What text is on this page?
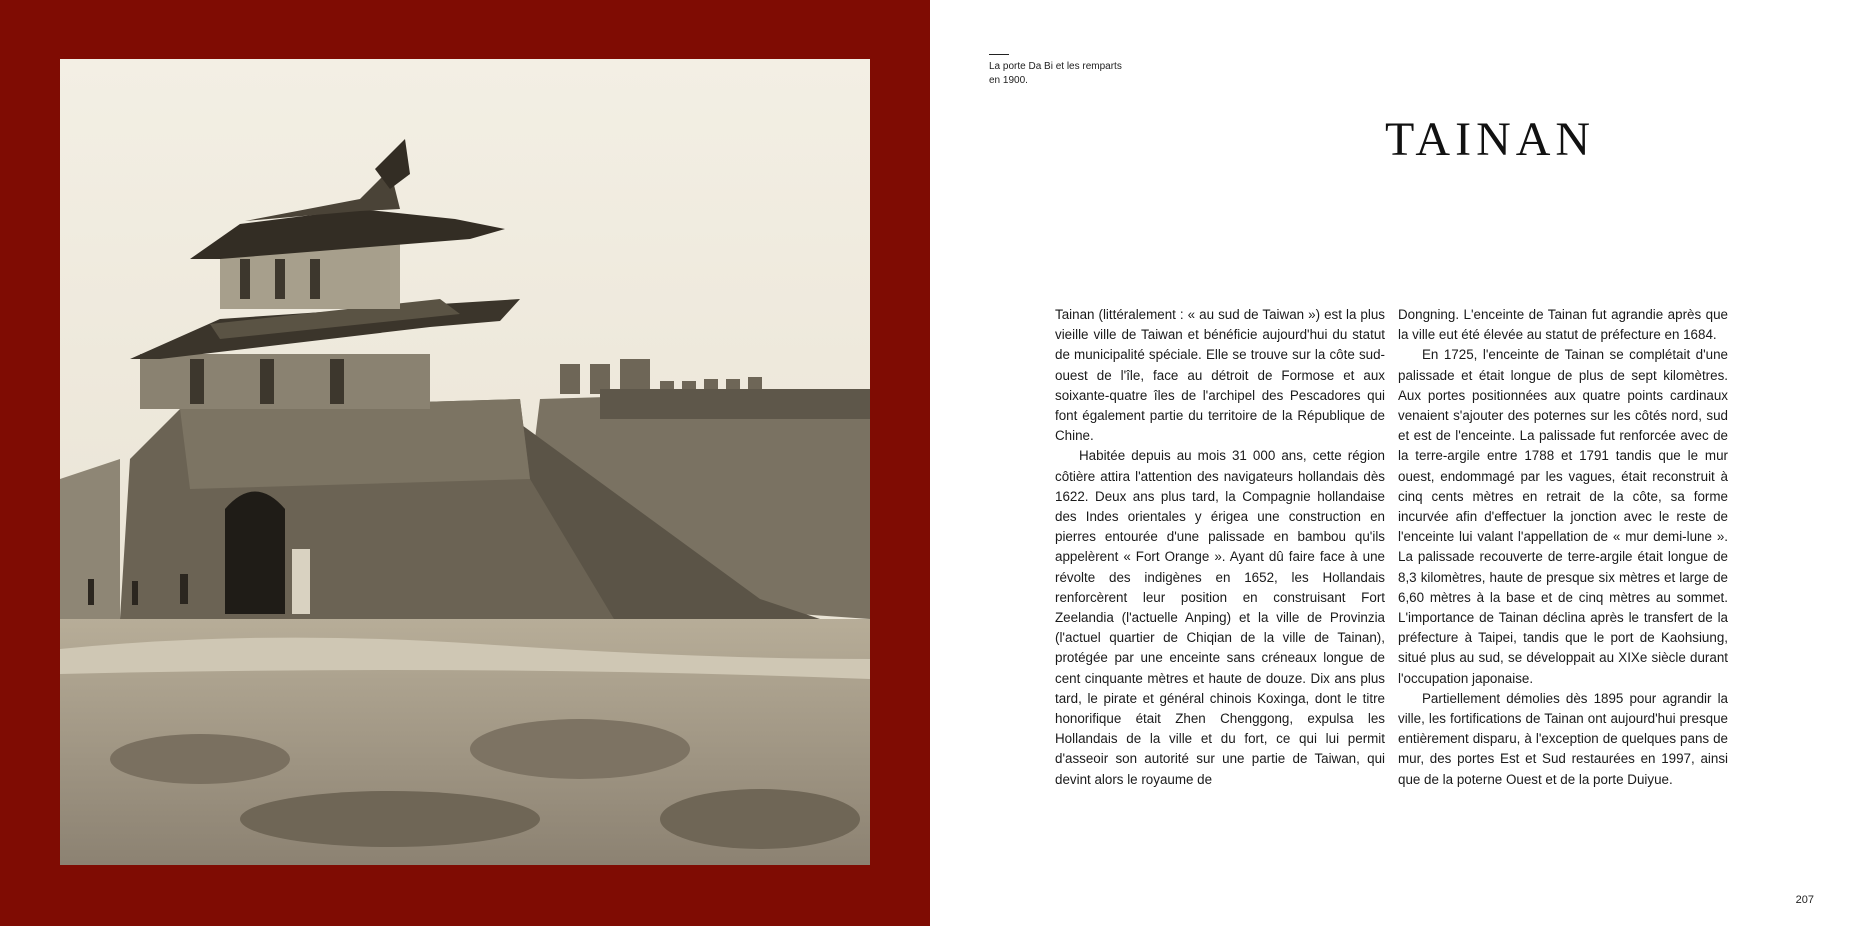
La porte Da Bi et les remparts en 1900.
TAINAN

Tainan (littéralement : « au sud de Taiwan ») est la plus vieille ville de Taiwan et bénéficie aujourd'hui du statut de municipalité spéciale. Elle se trouve sur la côte sud-ouest de l'île, face au détroit de Formose et aux soixante-quatre îles de l'archipel des Pescadores qui font également partie du territoire de la République de Chine.

Habitée depuis au mois 31 000 ans, cette région côtière attira l'attention des navigateurs hollandais dès 1622. Deux ans plus tard, la Compagnie hollandaise des Indes orientales y érigea une construction en pierres entourée d'une palissade en bambou qu'ils appelèrent « Fort Orange ». Ayant dû faire face à une révolte des indigènes en 1652, les Hollandais renforcèrent leur position en construisant Fort Zeelandia (l'actuelle Anping) et la ville de Provinzia (l'actuel quartier de Chiqian de la ville de Tainan), protégée par une enceinte sans créneaux longue de cent cinquante mètres et haute de douze. Dix ans plus tard, le pirate et général chinois Koxinga, dont le titre honorifique était Zhen Chenggong, expulsa les Hollandais de la ville et du fort, ce qui lui permit d'asseoir son autorité sur une partie de Taiwan, qui devint alors le royaume de

Dongning. L'enceinte de Tainan fut agrandie après que la ville eut été élevée au statut de préfecture en 1684.

En 1725, l'enceinte de Tainan se complétait d'une palissade et était longue de plus de sept kilomètres. Aux portes positionnées aux quatre points cardinaux venaient s'ajouter des poternes sur les côtés nord, sud et est de l'enceinte. La palissade fut renforcée avec de la terre-argile entre 1788 et 1791 tandis que le mur ouest, endommagé par les vagues, était reconstruit à cinq cents mètres en retrait de la côte, sa forme incurvée afin d'effectuer la jonction avec le reste de l'enceinte lui valant l'appellation de « mur demi-lune ». La palissade recouverte de terre-argile était longue de 8,3 kilomètres, haute de presque six mètres et large de 6,60 mètres à la base et de cinq mètres au sommet. L'importance de Tainan déclina après le transfert de la préfecture à Taipei, tandis que le port de Kaohsiung, situé plus au sud, se développait au XIXe siècle durant l'occupation japonaise.

Partiellement démolies dès 1895 pour agrandir la ville, les fortifications de Tainan ont aujourd'hui presque entièrement disparu, à l'exception de quelques pans de mur, des portes Est et Sud restaurées en 1997, ainsi que de la poterne Ouest et de la porte Duiyue.

207
